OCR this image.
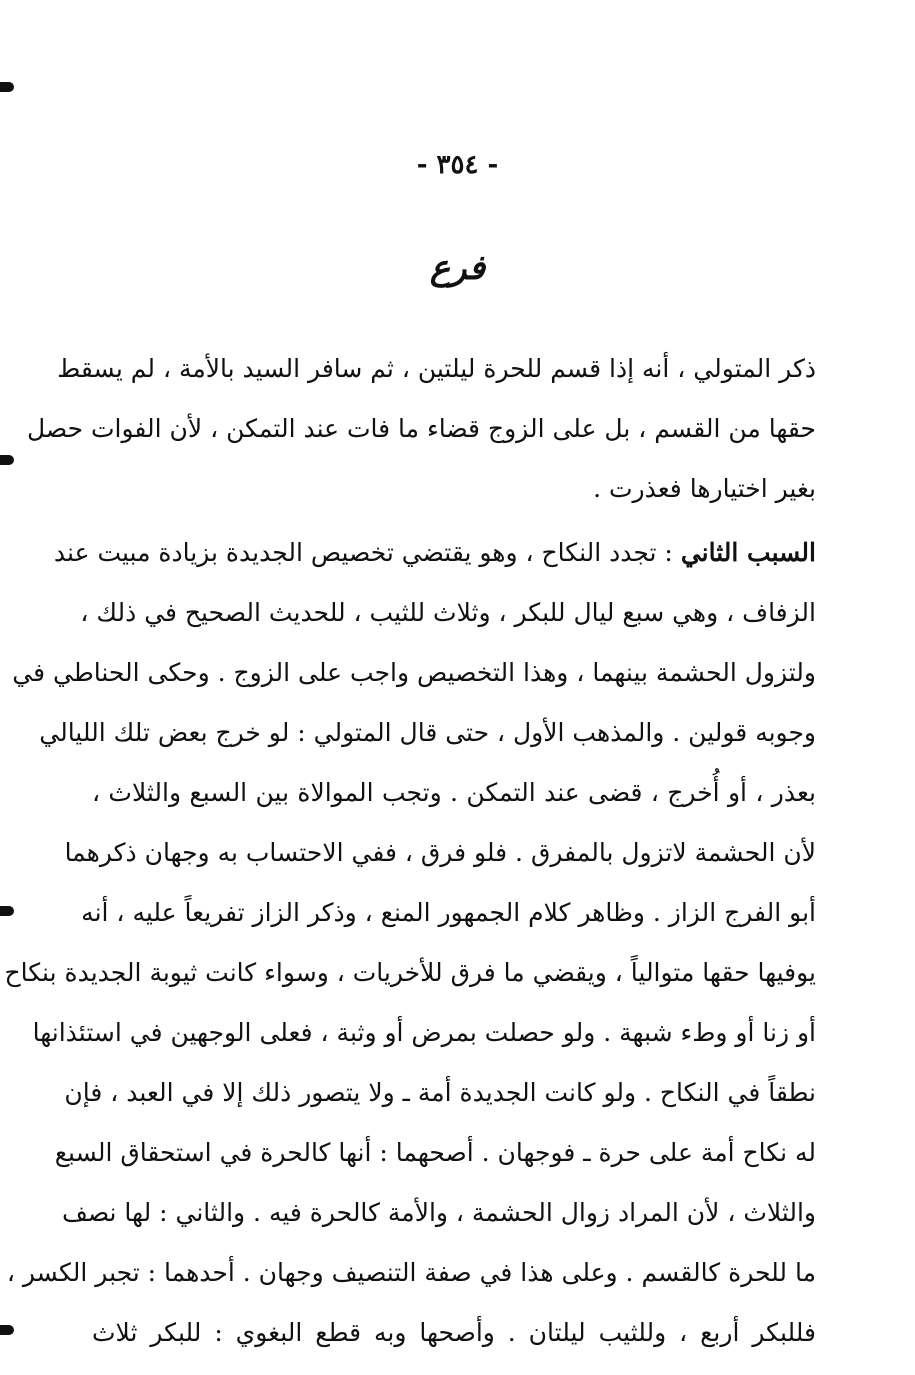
- ٣٥٤ -
فرع
ذكر المتولي ، أنه إذا قسم للحرة ليلتين ، ثم سافر السيد بالأمة ، لم يسقط
حقها من القسم ، بل على الزوج قضاء ما فات عند التمكن ، لأن الفوات حصل
بغير اختيارها فعذرت .
السبب الثاني : تجدد النكاح ، وهو يقتضي تخصيص الجديدة بزيادة مبيت عند
الزفاف ، وهي سبع ليال للبكر ، وثلاث للثيب ، للحديث الصحيح في ذلك ،
ولتزول الحشمة بينهما ، وهذا التخصيص واجب على الزوج . وحكى الحناطي في
وجوبه قولين . والمذهب الأول ، حتى قال المتولي : لو خرج بعض تلك الليالي
بعذر ، أو أُخرج ، قضى عند التمكن . وتجب الموالاة بين السبع والثلاث ،
لأن الحشمة لاتزول بالمفرق . فلو فرق ، ففي الاحتساب به وجهان ذكرهما
أبو الفرج الزاز . وظاهر كلام الجمهور المنع ، وذكر الزاز تفريعاً عليه ، أنه
يوفيها حقها متوالياً ، ويقضي ما فرق للأخريات ، وسواء كانت ثيوبة الجديدة بنكاح
أو زنا أو وطء شبهة . ولو حصلت بمرض أو وثبة ، فعلى الوجهين في استئذانها
نطقاً في النكاح . ولو كانت الجديدة أمة ـ ولا يتصور ذلك إلا في العبد ، فإن
له نكاح أمة على حرة ـ فوجهان . أصحهما : أنها كالحرة في استحقاق السبع
والثلاث ، لأن المراد زوال الحشمة ، والأمة كالحرة فيه . والثاني : لها نصف
ما للحرة كالقسم . وعلى هذا في صفة التنصيف وجهان . أحدهما : تجبر الكسر ،
فللبكر أربع ، وللثيب ليلتان . وأصحها وبه قطع البغوي : للبكر ثلاث
